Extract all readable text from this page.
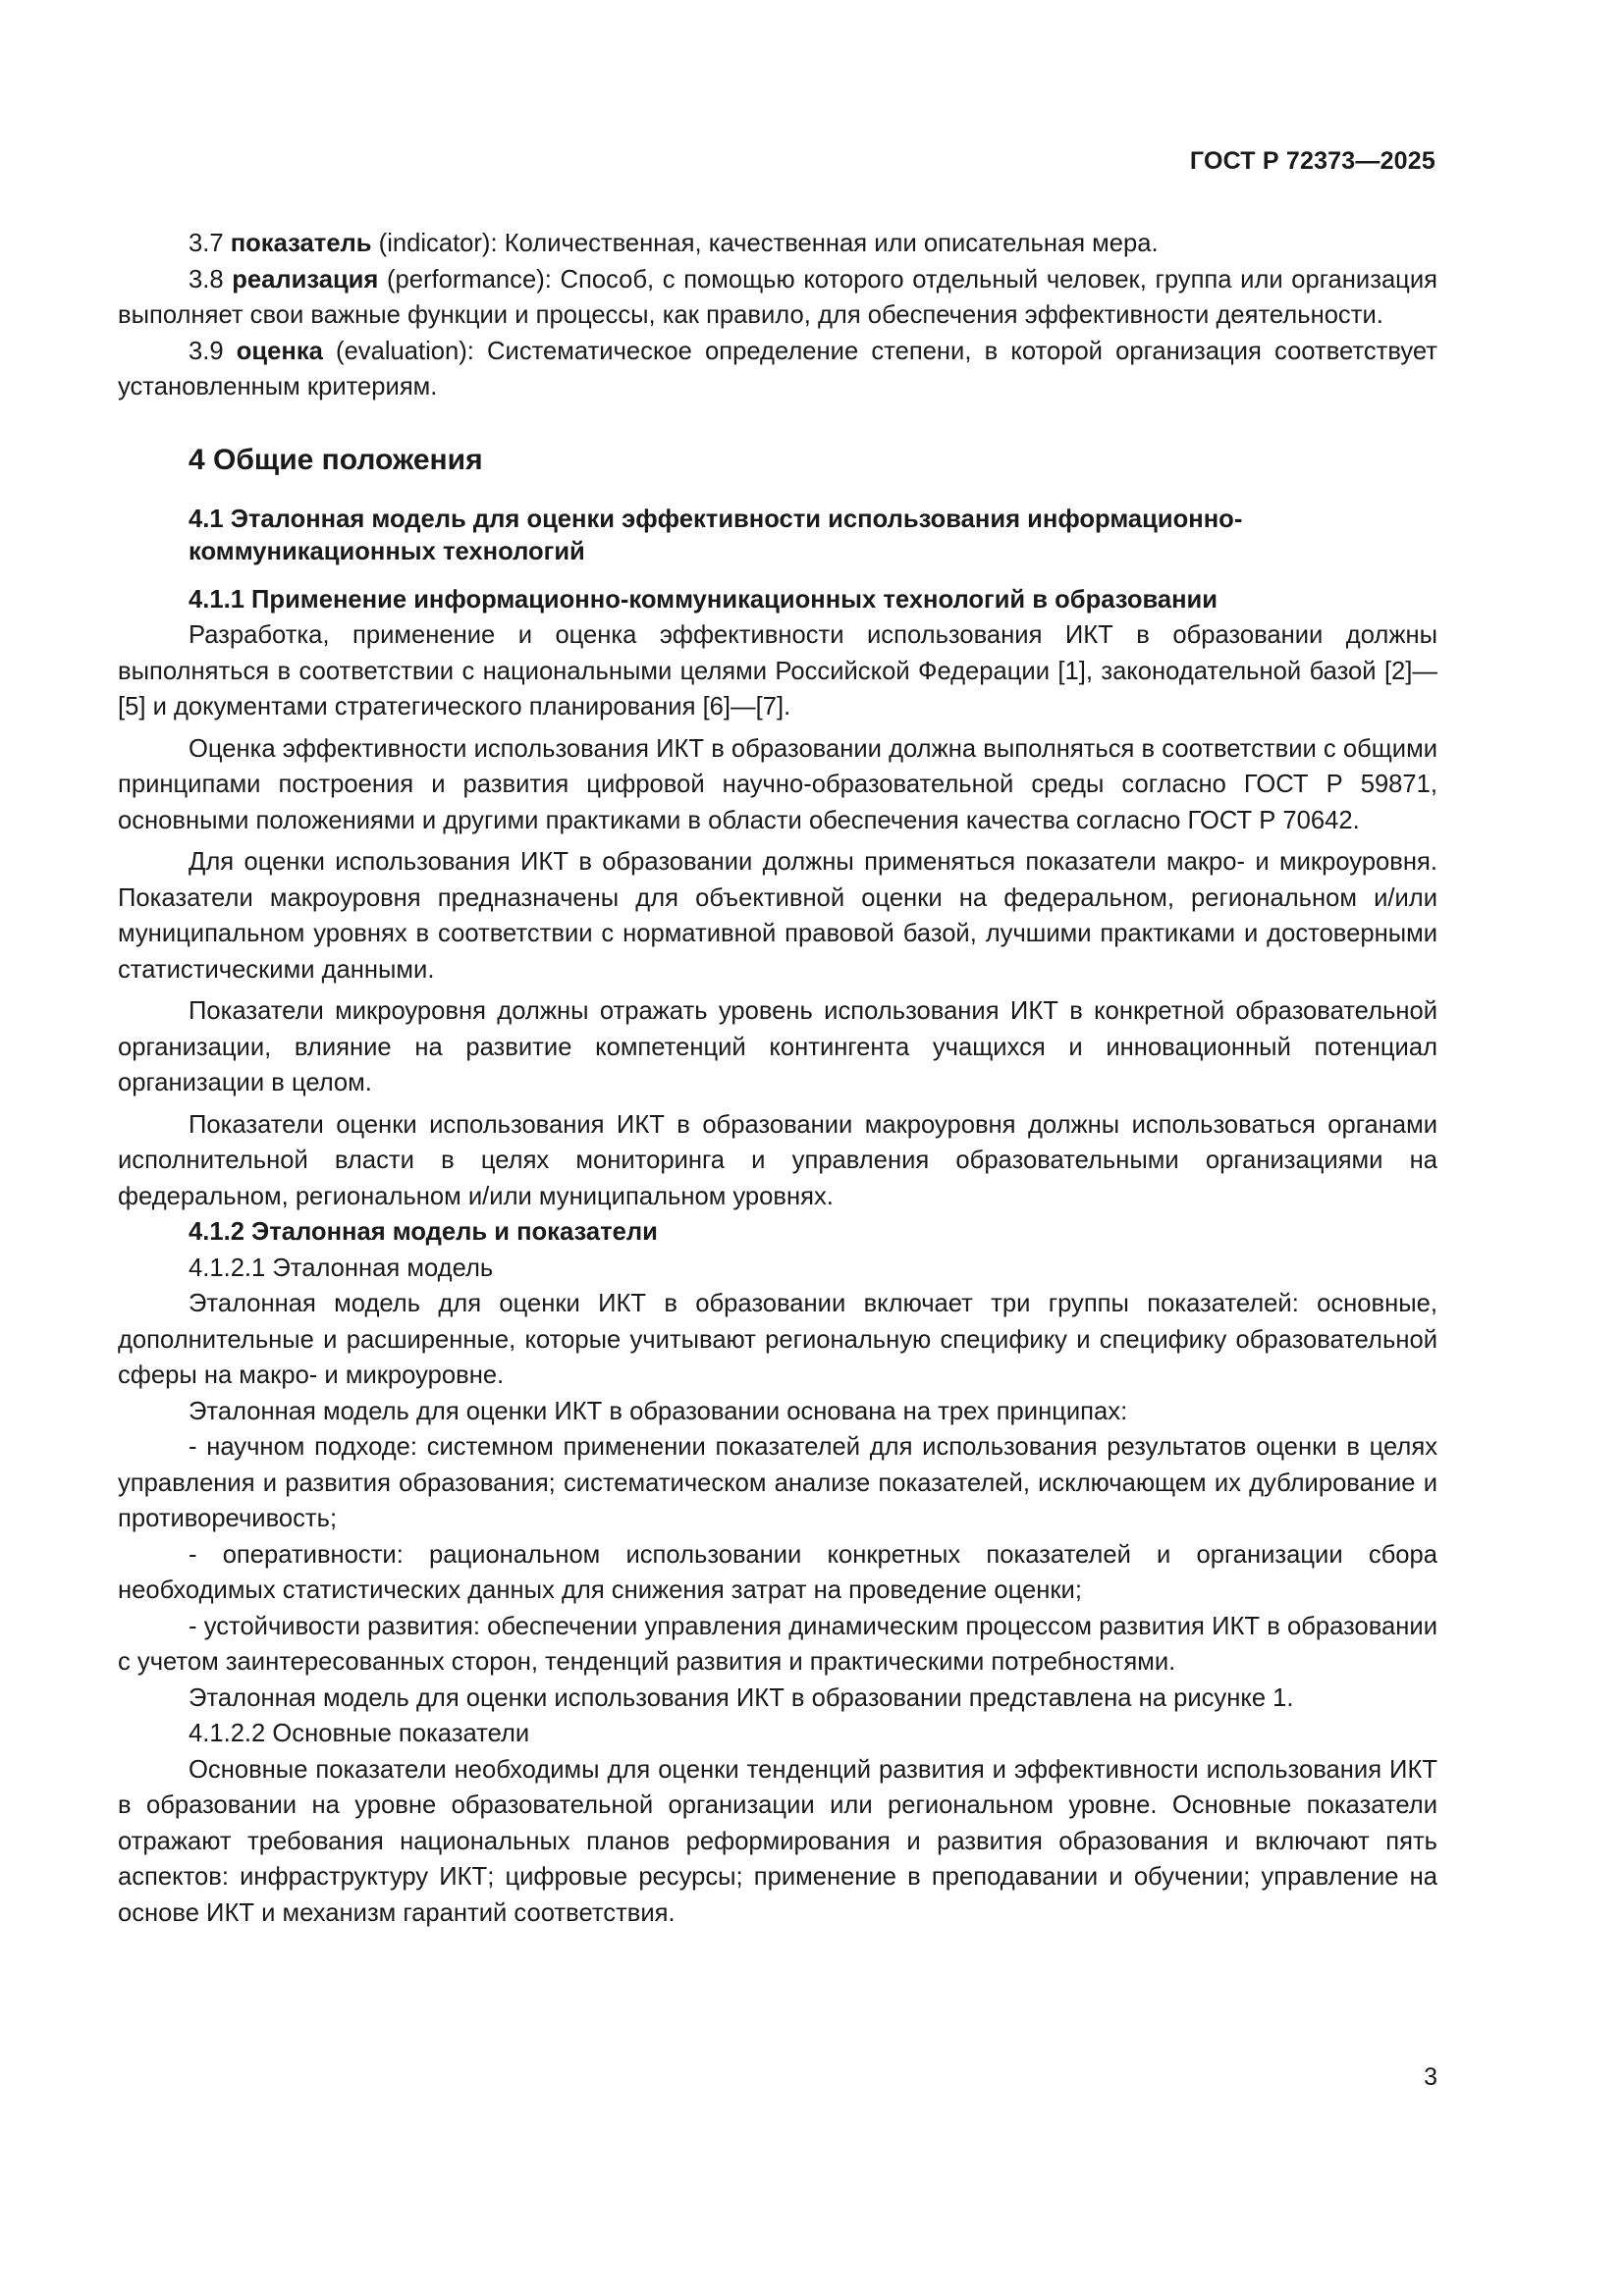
ГОСТ Р 72373—2025

3.7 показатель (indicator): Количественная, качественная или описательная мера.

3.8 реализация (performance): Способ, с помощью которого отдельный человек, группа или организация выполняет свои важные функции и процессы, как правило, для обеспечения эффективности деятельности.

3.9 оценка (evaluation): Систематическое определение степени, в которой организация соответствует установленным критериям.

4 Общие положения
4.1 Эталонная модель для оценки эффективности использования информационно-коммуникационных технологий

4.1.1 Применение информационно-коммуникационных технологий в образовании

Разработка, применение и оценка эффективности использования ИКТ в образовании должны выполняться в соответствии с национальными целями Российской Федерации [1], законодательной базой [2]—[5] и документами стратегического планирования [6]—[7].

Оценка эффективности использования ИКТ в образовании должна выполняться в соответствии с общими принципами построения и развития цифровой научно-образовательной среды согласно ГОСТ Р 59871, основными положениями и другими практиками в области обеспечения качества согласно ГОСТ Р 70642.

Для оценки использования ИКТ в образовании должны применяться показатели макро- и микроуровня. Показатели макроуровня предназначены для объективной оценки на федеральном, региональном и/или муниципальном уровнях в соответствии с нормативной правовой базой, лучшими практиками и достоверными статистическими данными.

Показатели микроуровня должны отражать уровень использования ИКТ в конкретной образовательной организации, влияние на развитие компетенций контингента учащихся и инновационный потенциал организации в целом.

Показатели оценки использования ИКТ в образовании макроуровня должны использоваться органами исполнительной власти в целях мониторинга и управления образовательными организациями на федеральном, региональном и/или муниципальном уровнях.

4.1.2 Эталонная модель и показатели

4.1.2.1 Эталонная модель

Эталонная модель для оценки ИКТ в образовании включает три группы показателей: основные, дополнительные и расширенные, которые учитывают региональную специфику и специфику образовательной сферы на макро- и микроуровне.

Эталонная модель для оценки ИКТ в образовании основана на трех принципах:

- научном подходе: системном применении показателей для использования результатов оценки в целях управления и развития образования; систематическом анализе показателей, исключающем их дублирование и противоречивость;

- оперативности: рациональном использовании конкретных показателей и организации сбора необходимых статистических данных для снижения затрат на проведение оценки;

- устойчивости развития: обеспечении управления динамическим процессом развития ИКТ в образовании с учетом заинтересованных сторон, тенденций развития и практическими потребностями.

Эталонная модель для оценки использования ИКТ в образовании представлена на рисунке 1.

4.1.2.2 Основные показатели

Основные показатели необходимы для оценки тенденций развития и эффективности использования ИКТ в образовании на уровне образовательной организации или региональном уровне. Основные показатели отражают требования национальных планов реформирования и развития образования и включают пять аспектов: инфраструктуру ИКТ; цифровые ресурсы; применение в преподавании и обучении; управление на основе ИКТ и механизм гарантий соответствия.

3
